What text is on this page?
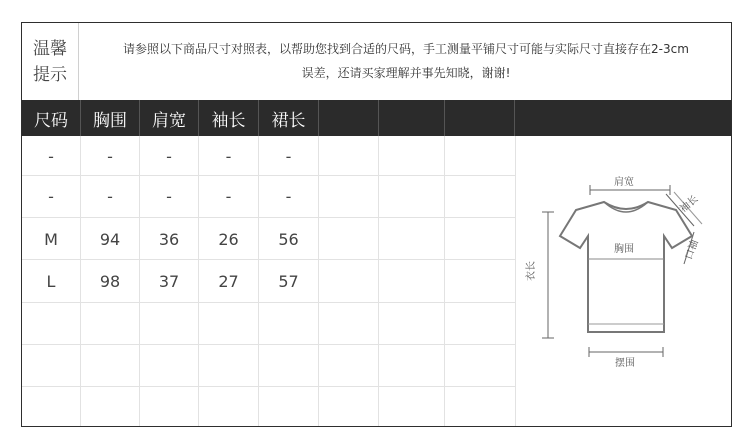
温馨
提示
请参照以下商品尺寸对照表，以帮助您找到合适的尺码，手工测量平铺尺寸可能与实际尺寸直接存在2-3cm
误差，还请买家理解并事先知晓，谢谢!
尺码	胸围	肩宽	袖长	裙长
-	-	-	-	-
-	-	-	-	-
M	94	36	26	56
L	98	37	27	57
肩宽
袖长
口袖
胸围
衣长
摆围
